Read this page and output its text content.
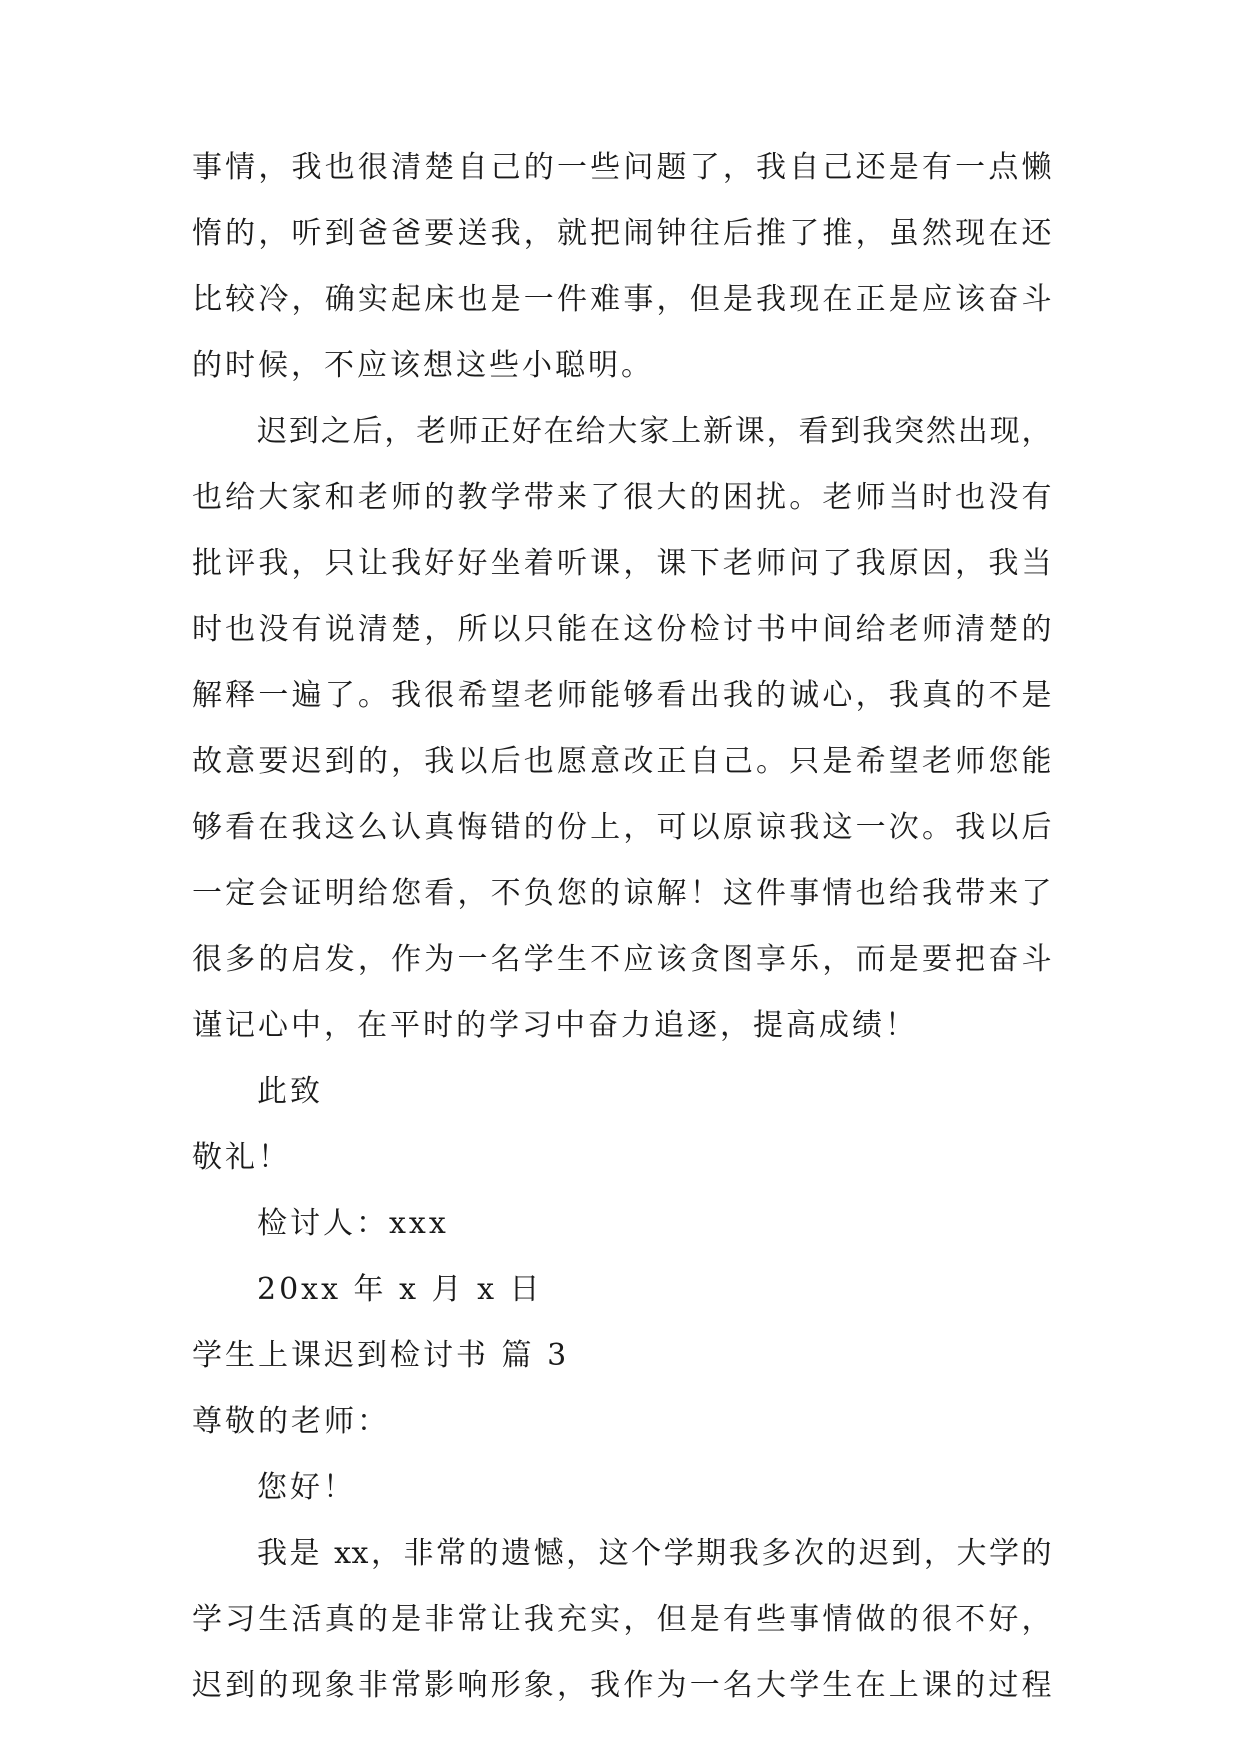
事情，我也很清楚自己的一些问题了，我自己还是有一点懒
惰的，听到爸爸要送我，就把闹钟往后推了推，虽然现在还
比较冷，确实起床也是一件难事，但是我现在正是应该奋斗
的时候，不应该想这些小聪明。
迟到之后，老师正好在给大家上新课，看到我突然出现，
也给大家和老师的教学带来了很大的困扰。老师当时也没有
批评我，只让我好好坐着听课，课下老师问了我原因，我当
时也没有说清楚，所以只能在这份检讨书中间给老师清楚的
解释一遍了。我很希望老师能够看出我的诚心，我真的不是
故意要迟到的，我以后也愿意改正自己。只是希望老师您能
够看在我这么认真悔错的份上，可以原谅我这一次。我以后
一定会证明给您看，不负您的谅解！这件事情也给我带来了
很多的启发，作为一名学生不应该贪图享乐，而是要把奋斗
谨记心中，在平时的学习中奋力追逐，提高成绩！
此致
敬礼！
检讨人：xxx
20xx 年 x 月 x 日
学生上课迟到检讨书 篇 3
尊敬的老师：
您好！
我是 xx，非常的遗憾，这个学期我多次的迟到，大学的
学习生活真的是非常让我充实，但是有些事情做的很不好，
迟到的现象非常影响形象，我作为一名大学生在上课的过程
